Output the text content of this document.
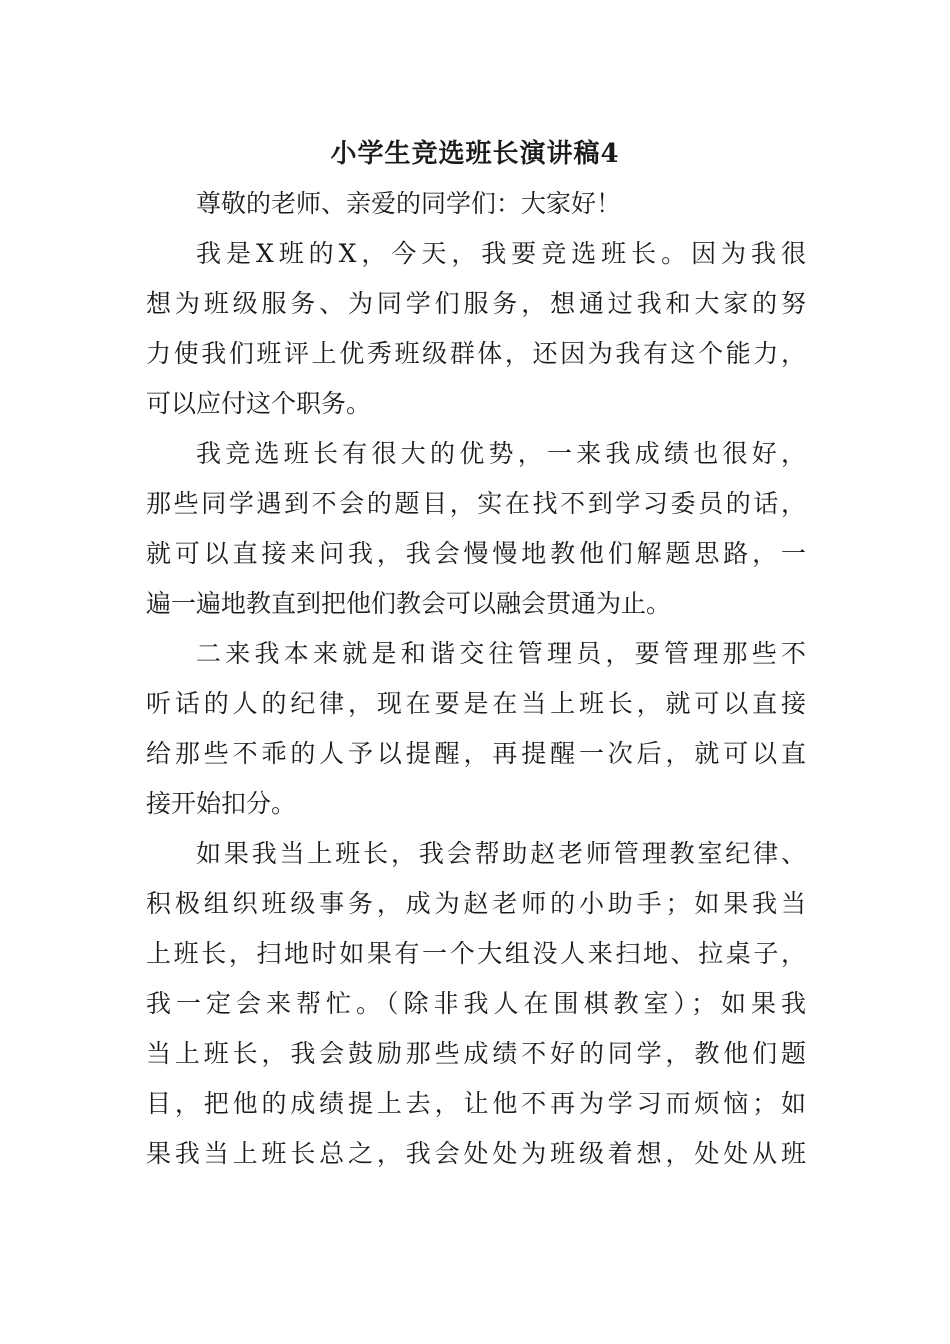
小学生竞选班长演讲稿4
尊敬的老师、亲爱的同学们：大家好！
我是X班的X，今天，我要竞选班长。因为我很
想为班级服务、为同学们服务，想通过我和大家的努
力使我们班评上优秀班级群体，还因为我有这个能力，
可以应付这个职务。
我竞选班长有很大的优势，一来我成绩也很好，
那些同学遇到不会的题目，实在找不到学习委员的话，
就可以直接来问我，我会慢慢地教他们解题思路，一
遍一遍地教直到把他们教会可以融会贯通为止。
二来我本来就是和谐交往管理员，要管理那些不
听话的人的纪律，现在要是在当上班长，就可以直接
给那些不乖的人予以提醒，再提醒一次后，就可以直
接开始扣分。
如果我当上班长，我会帮助赵老师管理教室纪律、
积极组织班级事务，成为赵老师的小助手；如果我当
上班长，扫地时如果有一个大组没人来扫地、拉桌子，
我一定会来帮忙。（除非我人在围棋教室）；如果我
当上班长，我会鼓励那些成绩不好的同学，教他们题
目，把他的成绩提上去，让他不再为学习而烦恼；如
果我当上班长总之，我会处处为班级着想，处处从班
